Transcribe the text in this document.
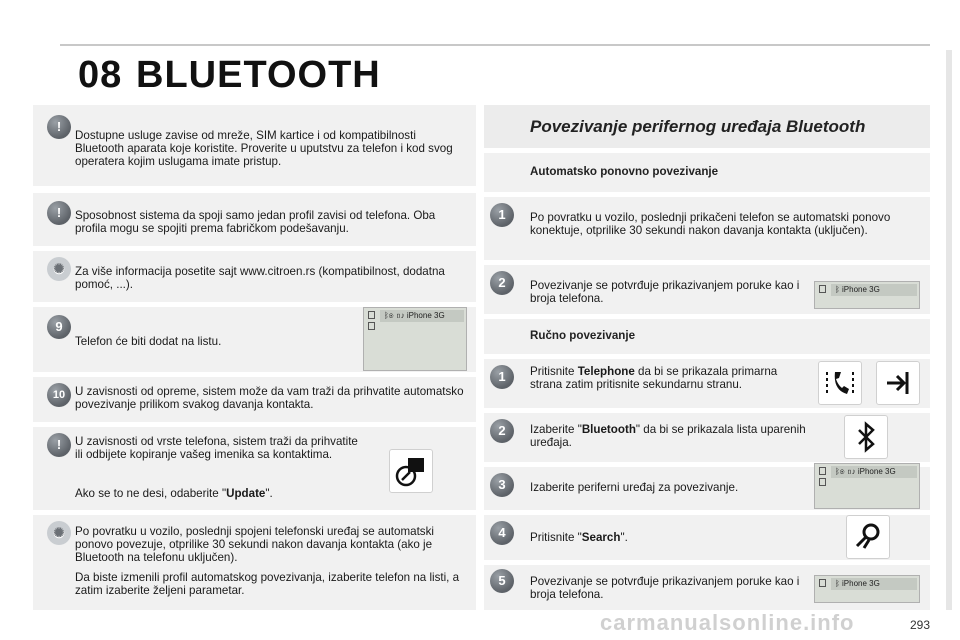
08 BLUETOOTH
!
Dostupne usluge zavise od mreže, SIM kartice i od kompatibilnosti Bluetooth aparata koje koristite. Proverite u uputstvu za telefon i kod svog operatera kojim uslugama imate pristup.
!	Sposobnost sistema da spoji samo jedan profil zavisi od telefona. Oba profila mogu se spojiti prema fabričkom podešavanju.
✺ Za više informacija posetite sajt www.citroen.rs (kompatibilnost, dodatna pomoć, ...).
9
Telefon će biti dodat na listu.
ᛒ◉ ▯♪ iPhone 3G
10 U zavisnosti od opreme, sistem može da vam traži da prihvatite automatsko povezivanje prilikom svakog davanja kontakta.
!	U zavisnosti od vrste telefona, sistem traži da prihvatite ili odbijete kopiranje vašeg imenika sa kontaktima.
Ako se to ne desi, odaberite "Update".
✺ Po povratku u vozilo, poslednji spojeni telefonski uređaj se automatski ponovo povezuje, otprilike 30 sekundi nakon davanja kontakta (ako je Bluetooth na telefonu uključen).
Da biste izmenili profil automatskog povezivanja, izaberite telefon na listi, a zatim izaberite željeni parametar.
Povezivanje perifernog uređaja Bluetooth
Automatsko ponovno povezivanje
1	Po povratku u vozilo, poslednji prikačeni telefon se automatski ponovo konektuje, otprilike 30 sekundi nakon davanja kontakta (uključen).
2	Povezivanje se potvrđuje prikazivanjem poruke kao i broja telefona.
ᛒ iPhone 3G
Ručno povezivanje
1	Pritisnite Telephone da bi se prikazala primarna strana zatim pritisnite sekundarnu stranu.
2	Izaberite "Bluetooth" da bi se prikazala lista uparenih uređaja.
3	Izaberite periferni uređaj za povezivanje.
ᛒ◉ ▯♪ iPhone 3G
4	Pritisnite "Search".
5	Povezivanje se potvrđuje prikazivanjem poruke kao i broja telefona.
ᛒ iPhone 3G
carmanualsonline.info	293
